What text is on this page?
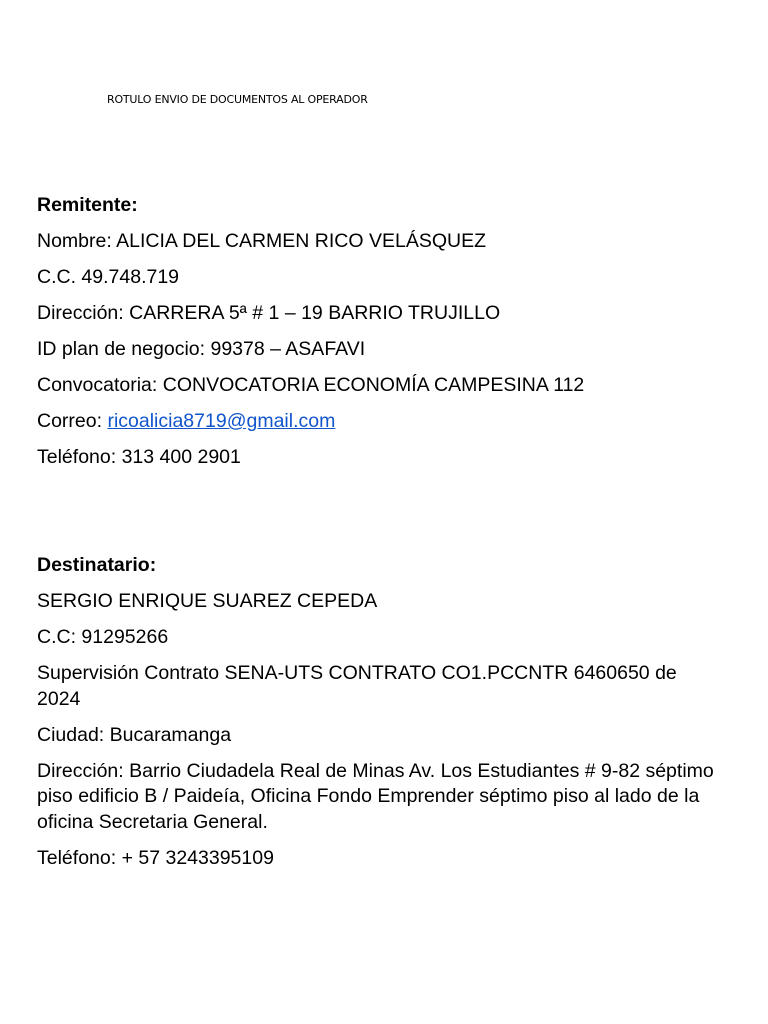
ROTULO ENVIO DE DOCUMENTOS AL OPERADOR

Remitente:

Nombre: ALICIA DEL CARMEN RICO VELÁSQUEZ

C.C. 49.748.719

Dirección: CARRERA 5ª # 1 – 19 BARRIO TRUJILLO

ID plan de negocio: 99378 – ASAFAVI

Convocatoria: CONVOCATORIA ECONOMÍA CAMPESINA 112

Correo: ricoalicia8719@gmail.com

Teléfono: 313 400 2901

Destinatario:

SERGIO ENRIQUE SUAREZ CEPEDA

C.C: 91295266

Supervisión Contrato SENA-UTS CONTRATO CO1.PCCNTR 6460650 de 2024

Ciudad: Bucaramanga

Dirección: Barrio Ciudadela Real de Minas Av. Los Estudiantes # 9-82 séptimo piso edificio B / Paideía, Oficina Fondo Emprender séptimo piso al lado de la oficina Secretaria General.

Teléfono: + 57 3243395109
